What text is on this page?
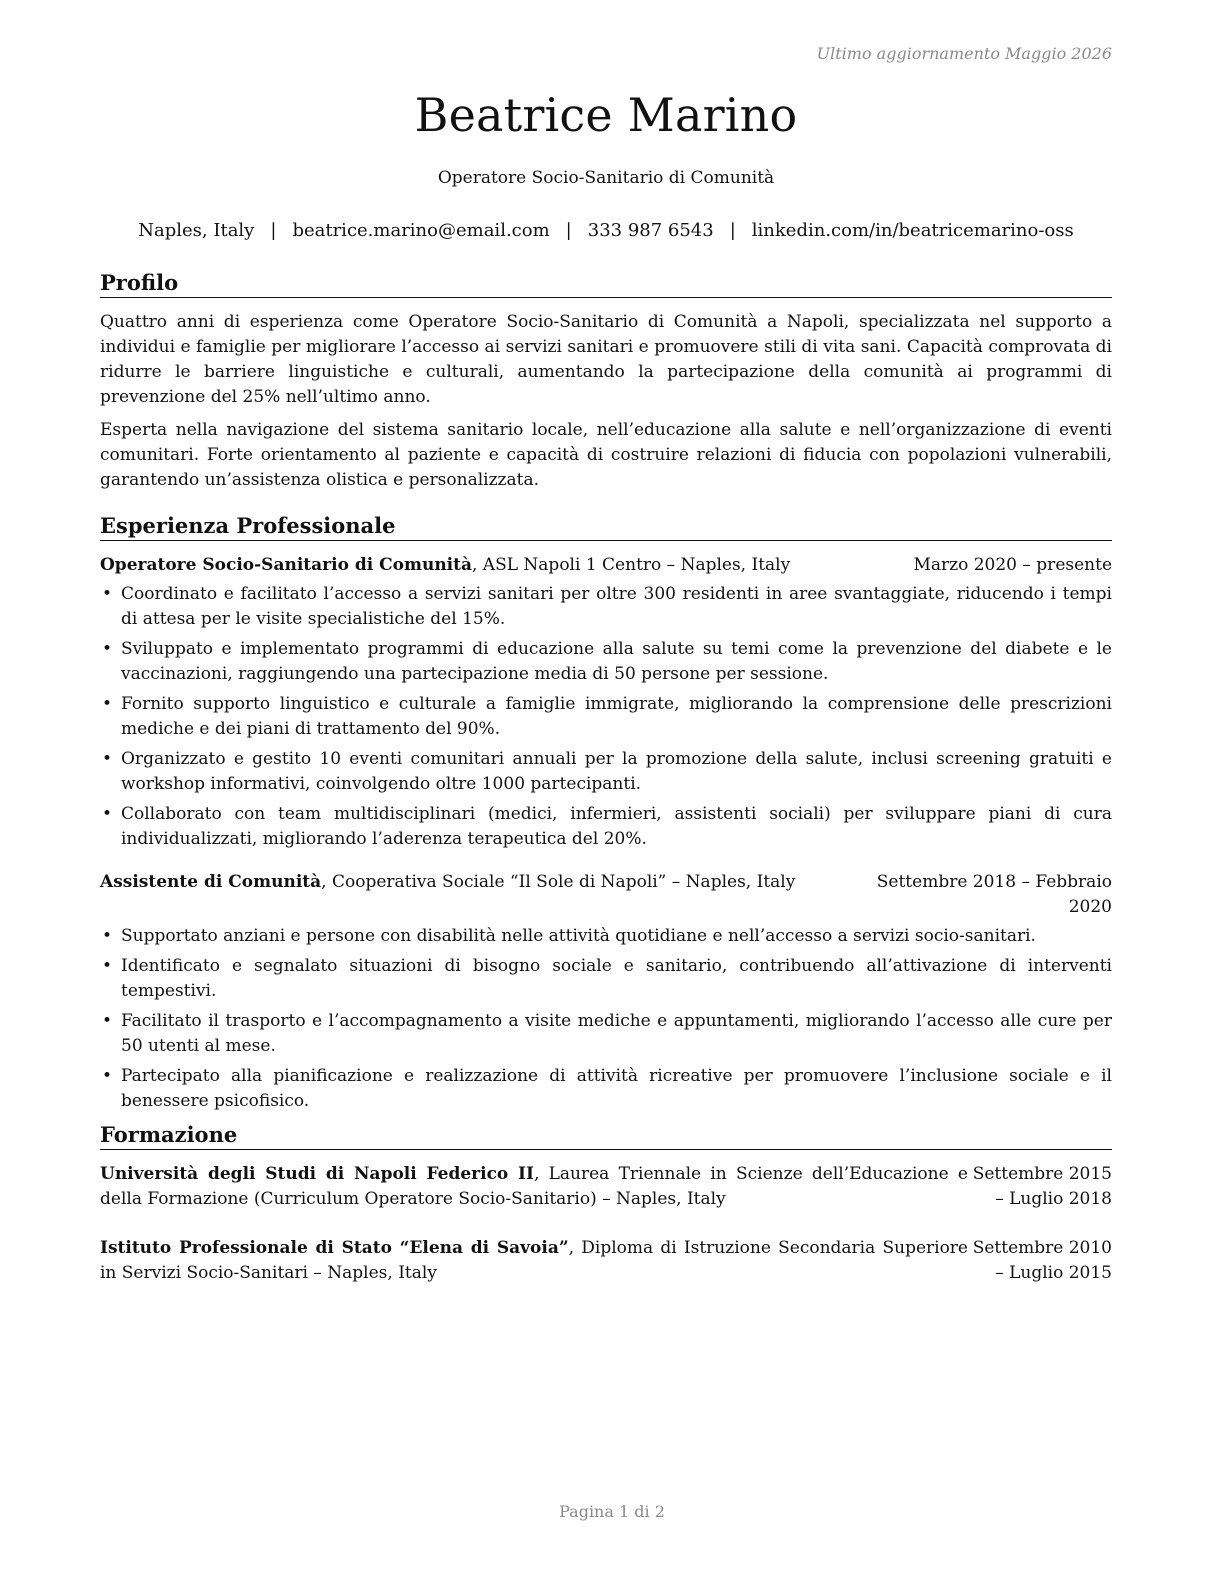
Ultimo aggiornamento Maggio 2026
Beatrice Marino
Operatore Socio-Sanitario di Comunità
Naples, Italy | beatrice.marino@email.com | 333 987 6543 | linkedin.com/in/beatricemarino-oss
Profilo

Quattro anni di esperienza come Operatore Socio-Sanitario di Comunità a Napoli, specializzata nel supporto a individui e famiglie per migliorare l’accesso ai servizi sanitari e promuovere stili di vita sani. Capacità comprovata di ridurre le barriere linguistiche e culturali, aumentando la partecipazione della comunità ai programmi di prevenzione del 25% nell’ultimo anno.

Esperta nella navigazione del sistema sanitario locale, nell’educazione alla salute e nell’organizzazione di eventi comunitari. Forte orientamento al paziente e capacità di costruire relazioni di fiducia con popolazioni vulnerabili, garantendo un’assistenza olistica e personalizzata.

Esperienza Professionale
Operatore Socio-Sanitario di Comunità, ASL Napoli 1 Centro – Naples, Italy	Marzo 2020 – presente
• Coordinato e facilitato l’accesso a servizi sanitari per oltre 300 residenti in aree svantaggiate, riducendo i tempi di attesa per le visite specialistiche del 15%.
• Sviluppato e implementato programmi di educazione alla salute su temi come la prevenzione del diabete e le vaccinazioni, raggiungendo una partecipazione media di 50 persone per sessione.
• Fornito supporto linguistico e culturale a famiglie immigrate, migliorando la comprensione delle prescrizioni mediche e dei piani di trattamento del 90%.
• Organizzato e gestito 10 eventi comunitari annuali per la promozione della salute, inclusi screening gratuiti e workshop informativi, coinvolgendo oltre 1000 partecipanti.
• Collaborato con team multidisciplinari (medici, infermieri, assistenti sociali) per sviluppare piani di cura individualizzati, migliorando l’aderenza terapeutica del 20%.
Assistente di Comunità, Cooperativa Sociale “Il Sole di Napoli” – Naples, Italy	Settembre 2018 – Febbraio 2020
• Supportato anziani e persone con disabilità nelle attività quotidiane e nell’accesso a servizi socio-sanitari.
• Identificato e segnalato situazioni di bisogno sociale e sanitario, contribuendo all’attivazione di interventi tempestivi.
• Facilitato il trasporto e l’accompagnamento a visite mediche e appuntamenti, migliorando l’accesso alle cure per 50 utenti al mese.
• Partecipato alla pianificazione e realizzazione di attività ricreative per promuovere l’inclusione sociale e il benessere psicofisico.
Formazione
Università degli Studi di Napoli Federico II, Laurea Triennale in Scienze dell’Educazione e della Formazione (Curriculum Operatore Socio-Sanitario) – Naples, Italy
Settembre 2015 – Luglio 2018
Istituto Professionale di Stato “Elena di Savoia”, Diploma di Istruzione Secondaria Superiore in Servizi Socio-Sanitari – Naples, Italy
Settembre 2010 – Luglio 2015
Pagina 1 di 2
